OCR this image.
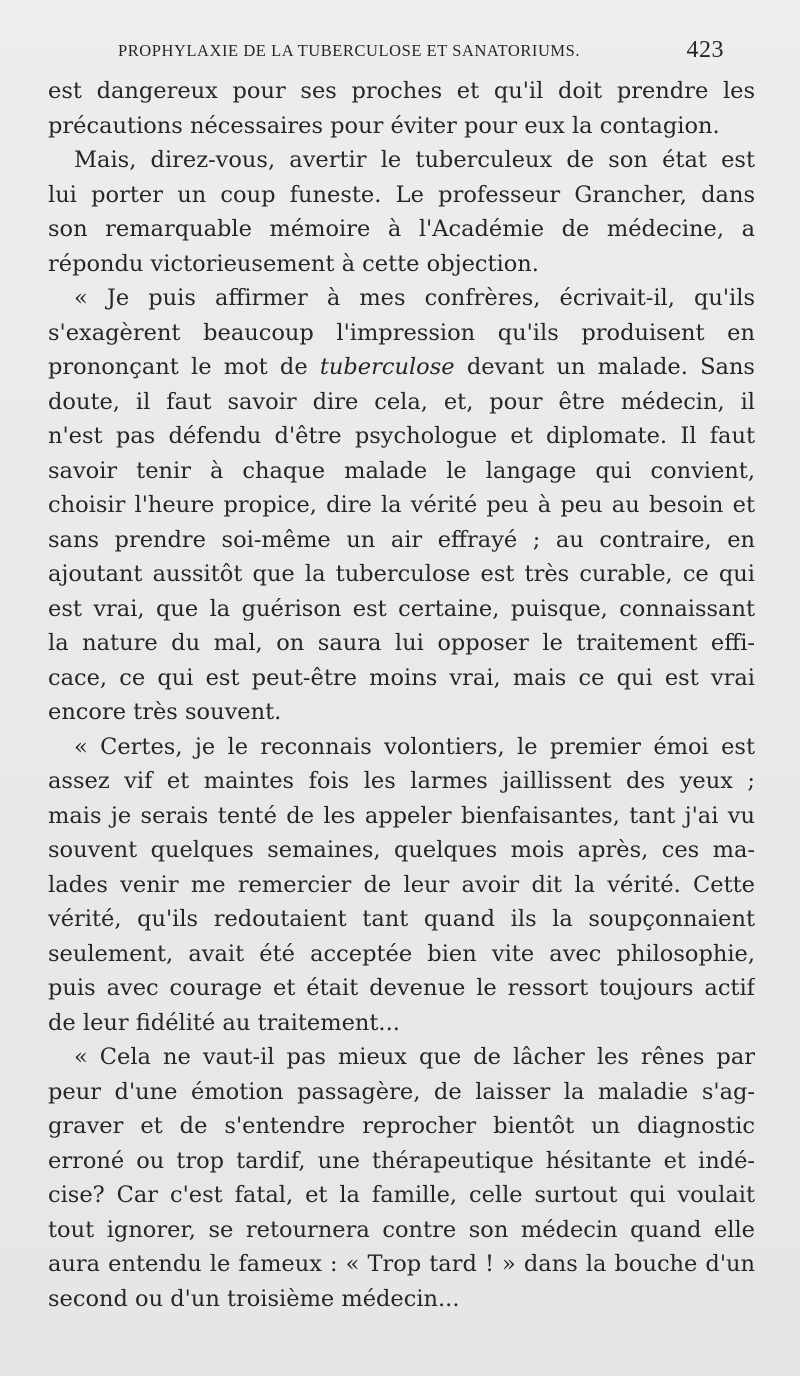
PROPHYLAXIE DE LA TUBERCULOSE ET SANATORIUMS.	423
est dangereux pour ses proches et qu'il doit prendre les
précautions nécessaires pour éviter pour eux la contagion.
Mais, direz-vous, avertir le tuberculeux de son état est
lui porter un coup funeste. Le professeur Grancher, dans
son remarquable mémoire à l'Académie de médecine, a
répondu victorieusement à cette objection.
« Je puis affirmer à mes confrères, écrivait-il, qu'ils
s'exagèrent beaucoup l'impression qu'ils produisent en
prononçant le mot de tuberculose devant un malade. Sans
doute, il faut savoir dire cela, et, pour être médecin, il
n'est pas défendu d'être psychologue et diplomate. Il faut
savoir tenir à chaque malade le langage qui convient,
choisir l'heure propice, dire la vérité peu à peu au besoin et
sans prendre soi-même un air effrayé ; au contraire, en
ajoutant aussitôt que la tuberculose est très curable, ce qui
est vrai, que la guérison est certaine, puisque, connaissant
la nature du mal, on saura lui opposer le traitement effi-
cace, ce qui est peut-être moins vrai, mais ce qui est vrai
encore très souvent.
« Certes, je le reconnais volontiers, le premier émoi est
assez vif et maintes fois les larmes jaillissent des yeux ;
mais je serais tenté de les appeler bienfaisantes, tant j'ai vu
souvent quelques semaines, quelques mois après, ces ma-
lades venir me remercier de leur avoir dit la vérité. Cette
vérité, qu'ils redoutaient tant quand ils la soupçonnaient
seulement, avait été acceptée bien vite avec philosophie,
puis avec courage et était devenue le ressort toujours actif
de leur fidélité au traitement...
« Cela ne vaut-il pas mieux que de lâcher les rênes par
peur d'une émotion passagère, de laisser la maladie s'ag-
graver et de s'entendre reprocher bientôt un diagnostic
erroné ou trop tardif, une thérapeutique hésitante et indé-
cise? Car c'est fatal, et la famille, celle surtout qui voulait
tout ignorer, se retournera contre son médecin quand elle
aura entendu le fameux : « Trop tard ! » dans la bouche d'un
second ou d'un troisième médecin...
